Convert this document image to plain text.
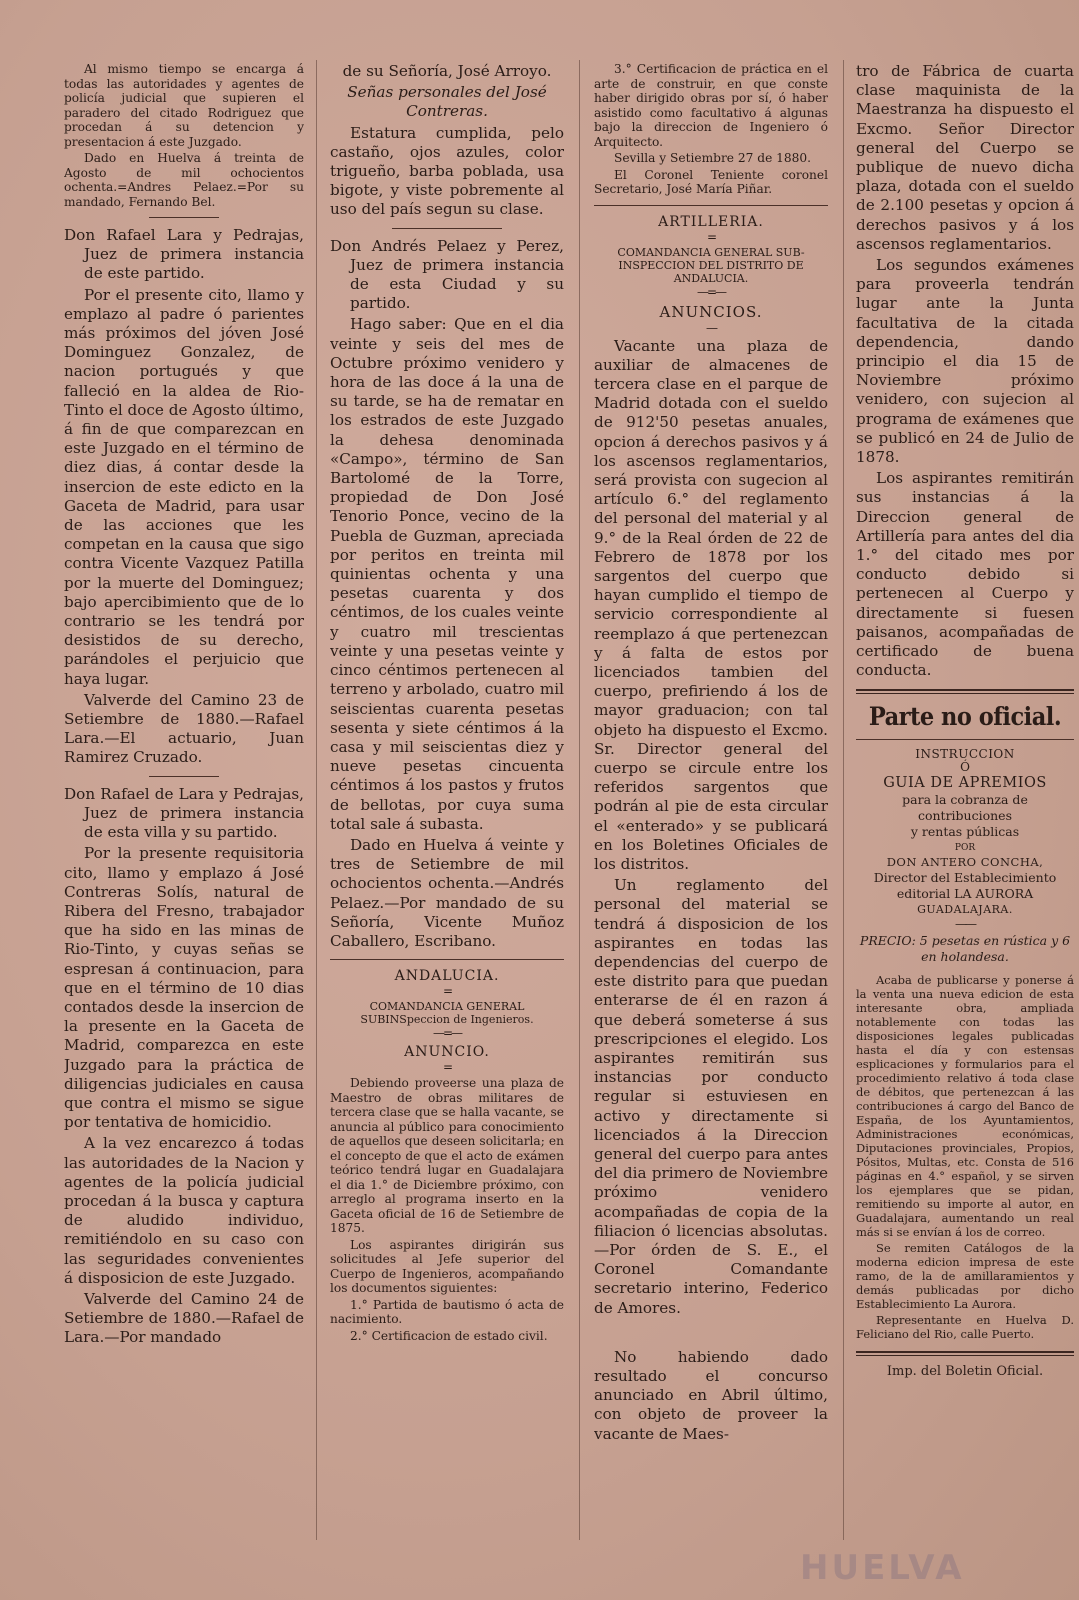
Al mismo tiempo se encarga á todas las autoridades y agentes de policía judicial que supieren el paradero del citado Rodriguez que procedan á su detencion y presentacion á este Juzgado.

Dado en Huelva á treinta de Agosto de mil ochocientos ochenta.=Andres Pelaez.=Por su mandado, Fernando Bel.

Don Rafael Lara y Pedrajas, Juez de primera instancia de este partido.

Por el presente cito, llamo y emplazo al padre ó parientes más próximos del jóven José Dominguez Gonzalez, de nacion portugués y que falleció en la aldea de Rio-Tinto el doce de Agosto último, á fin de que comparezcan en este Juzgado en el término de diez dias, á contar desde la insercion de este edicto en la Gaceta de Madrid, para usar de las acciones que les competan en la causa que sigo contra Vicente Vazquez Patilla por la muerte del Dominguez; bajo apercibimiento que de lo contrario se les tendrá por desistidos de su derecho, parándoles el perjuicio que haya lugar.

Valverde del Camino 23 de Setiembre de 1880.—Rafael Lara.—El actuario, Juan Ramirez Cruzado.

Don Rafael de Lara y Pedrajas, Juez de primera instancia de esta villa y su partido.

Por la presente requisitoria cito, llamo y emplazo á José Contreras Solís, natural de Ribera del Fresno, trabajador que ha sido en las minas de Rio-Tinto, y cuyas señas se espresan á continuacion, para que en el término de 10 dias contados desde la insercion de la presente en la Gaceta de Madrid, comparezca en este Juzgado para la práctica de diligencias judiciales en causa que contra el mismo se sigue por tentativa de homicidio.

A la vez encarezco á todas las autoridades de la Nacion y agentes de la policía judicial procedan á la busca y captura de aludido individuo, remitiéndolo en su caso con las seguridades convenientes á disposicion de este Juzgado.

Valverde del Camino 24 de Setiembre de 1880.—Rafael de Lara.—Por mandado

de su Señoría, José Arroyo.

Señas personales del José Contreras.

Estatura cumplida, pelo castaño, ojos azules, color trigueño, barba poblada, usa bigote, y viste pobremente al uso del país segun su clase.

Don Andrés Pelaez y Perez, Juez de primera instancia de esta Ciudad y su partido.

Hago saber: Que en el dia veinte y seis del mes de Octubre próximo venidero y hora de las doce á la una de su tarde, se ha de rematar en los estrados de este Juzgado la dehesa denominada «Campo», término de San Bartolomé de la Torre, propiedad de Don José Tenorio Ponce, vecino de la Puebla de Guzman, apreciada por peritos en treinta mil quinientas ochenta y una pesetas cuarenta y dos céntimos, de los cuales veinte y cuatro mil trescientas veinte y una pesetas veinte y cinco céntimos pertenecen al terreno y arbolado, cuatro mil seiscientas cuarenta pesetas sesenta y siete céntimos á la casa y mil seiscientas diez y nueve pesetas cincuenta céntimos á los pastos y frutos de bellotas, por cuya suma total sale á subasta.

Dado en Huelva á veinte y tres de Setiembre de mil ochocientos ochenta.—Andrés Pelaez.—Por mandado de su Señoría, Vicente Muñoz Caballero, Escribano.

ANDALUCIA.
=
COMANDANCIA GENERAL SUBINSpeccion de Ingenieros.
—=—
ANUNCIO.
=

Debiendo proveerse una plaza de Maestro de obras militares de tercera clase que se halla vacante, se anuncia al público para conocimiento de aquellos que deseen solicitarla; en el concepto de que el acto de exámen teórico tendrá lugar en Guadalajara el dia 1.° de Diciembre próximo, con arreglo al programa inserto en la Gaceta oficial de 16 de Setiembre de 1875.

Los aspirantes dirigirán sus solicitudes al Jefe superior del Cuerpo de Ingenieros, acompañando los documentos siguientes:

1.° Partida de bautismo ó acta de nacimiento.

2.° Certificacion de estado civil.

3.° Certificacion de práctica en el arte de construir, en que conste haber dirigido obras por sí, ó haber asistido como facultativo á algunas bajo la direccion de Ingeniero ó Arquitecto.

Sevilla y Setiembre 27 de 1880.

El Coronel Teniente coronel Secretario, José María Piñar.

ARTILLERIA.
=
COMANDANCIA GENERAL SUB-INSPECCION DEL DISTRITO DE ANDALUCIA.
—=—
ANUNCIOS.
—

Vacante una plaza de auxiliar de almacenes de tercera clase en el parque de Madrid dotada con el sueldo de 912'50 pesetas anuales, opcion á derechos pasivos y á los ascensos reglamentarios, será provista con sugecion al artículo 6.° del reglamento del personal del material y al 9.° de la Real órden de 22 de Febrero de 1878 por los sargentos del cuerpo que hayan cumplido el tiempo de servicio correspondiente al reemplazo á que pertenezcan y á falta de estos por licenciados tambien del cuerpo, prefiriendo á los de mayor graduacion; con tal objeto ha dispuesto el Excmo. Sr. Director general del cuerpo se circule entre los referidos sargentos que podrán al pie de esta circular el «enterado» y se publicará en los Boletines Oficiales de los distritos.

Un reglamento del personal del material se tendrá á disposicion de los aspirantes en todas las dependencias del cuerpo de este distrito para que puedan enterarse de él en razon á que deberá someterse á sus prescripciones el elegido. Los aspirantes remitirán sus instancias por conducto regular si estuviesen en activo y directamente si licenciados á la Direccion general del cuerpo para antes del dia primero de Noviembre próximo venidero acompañadas de copia de la filiacion ó licencias absolutas.—Por órden de S. E., el Coronel Comandante secretario interino, Federico de Amores.

No habiendo dado resultado el concurso anunciado en Abril último, con objeto de proveer la vacante de Maes-

tro de Fábrica de cuarta clase maquinista de la Maestranza ha dispuesto el Excmo. Señor Director general del Cuerpo se publique de nuevo dicha plaza, dotada con el sueldo de 2.100 pesetas y opcion á derechos pasivos y á los ascensos reglamentarios.

Los segundos exámenes para proveerla tendrán lugar ante la Junta facultativa de la citada dependencia, dando principio el dia 15 de Noviembre próximo venidero, con sujecion al programa de exámenes que se publicó en 24 de Julio de 1878.

Los aspirantes remitirán sus instancias á la Direccion general de Artillería para antes del dia 1.° del citado mes por conducto debido si pertenecen al Cuerpo y directamente si fuesen paisanos, acompañadas de certificado de buena conducta.

Parte no oficial.
INSTRUCCION
Ó
GUIA DE APREMIOS
para la cobranza de contribuciones
y rentas públicas
POR
DON ANTERO CONCHA,
Director del Establecimiento editorial LA AURORA
GUADALAJARA.
——

PRECIO: 5 pesetas en rústica y 6 en holandesa.

Acaba de publicarse y ponerse á la venta una nueva edicion de esta interesante obra, ampliada notablemente con todas las disposiciones legales publicadas hasta el día y con estensas esplicaciones y formularios para el procedimiento relativo á toda clase de débitos, que pertenezcan á las contribuciones á cargo del Banco de España, de los Ayuntamientos, Administraciones económicas, Diputaciones provinciales, Propios, Pósitos, Multas, etc. Consta de 516 páginas en 4.° español, y se sirven los ejemplares que se pidan, remitiendo su importe al autor, en Guadalajara, aumentando un real más si se envían á los de correo.

Se remiten Catálogos de la moderna edicion impresa de este ramo, de la de amillaramientos y demás publicadas por dicho Establecimiento La Aurora.

Representante en Huelva D. Feliciano del Rio, calle Puerto.

Imp. del Boletin Oficial.

HUELVA
